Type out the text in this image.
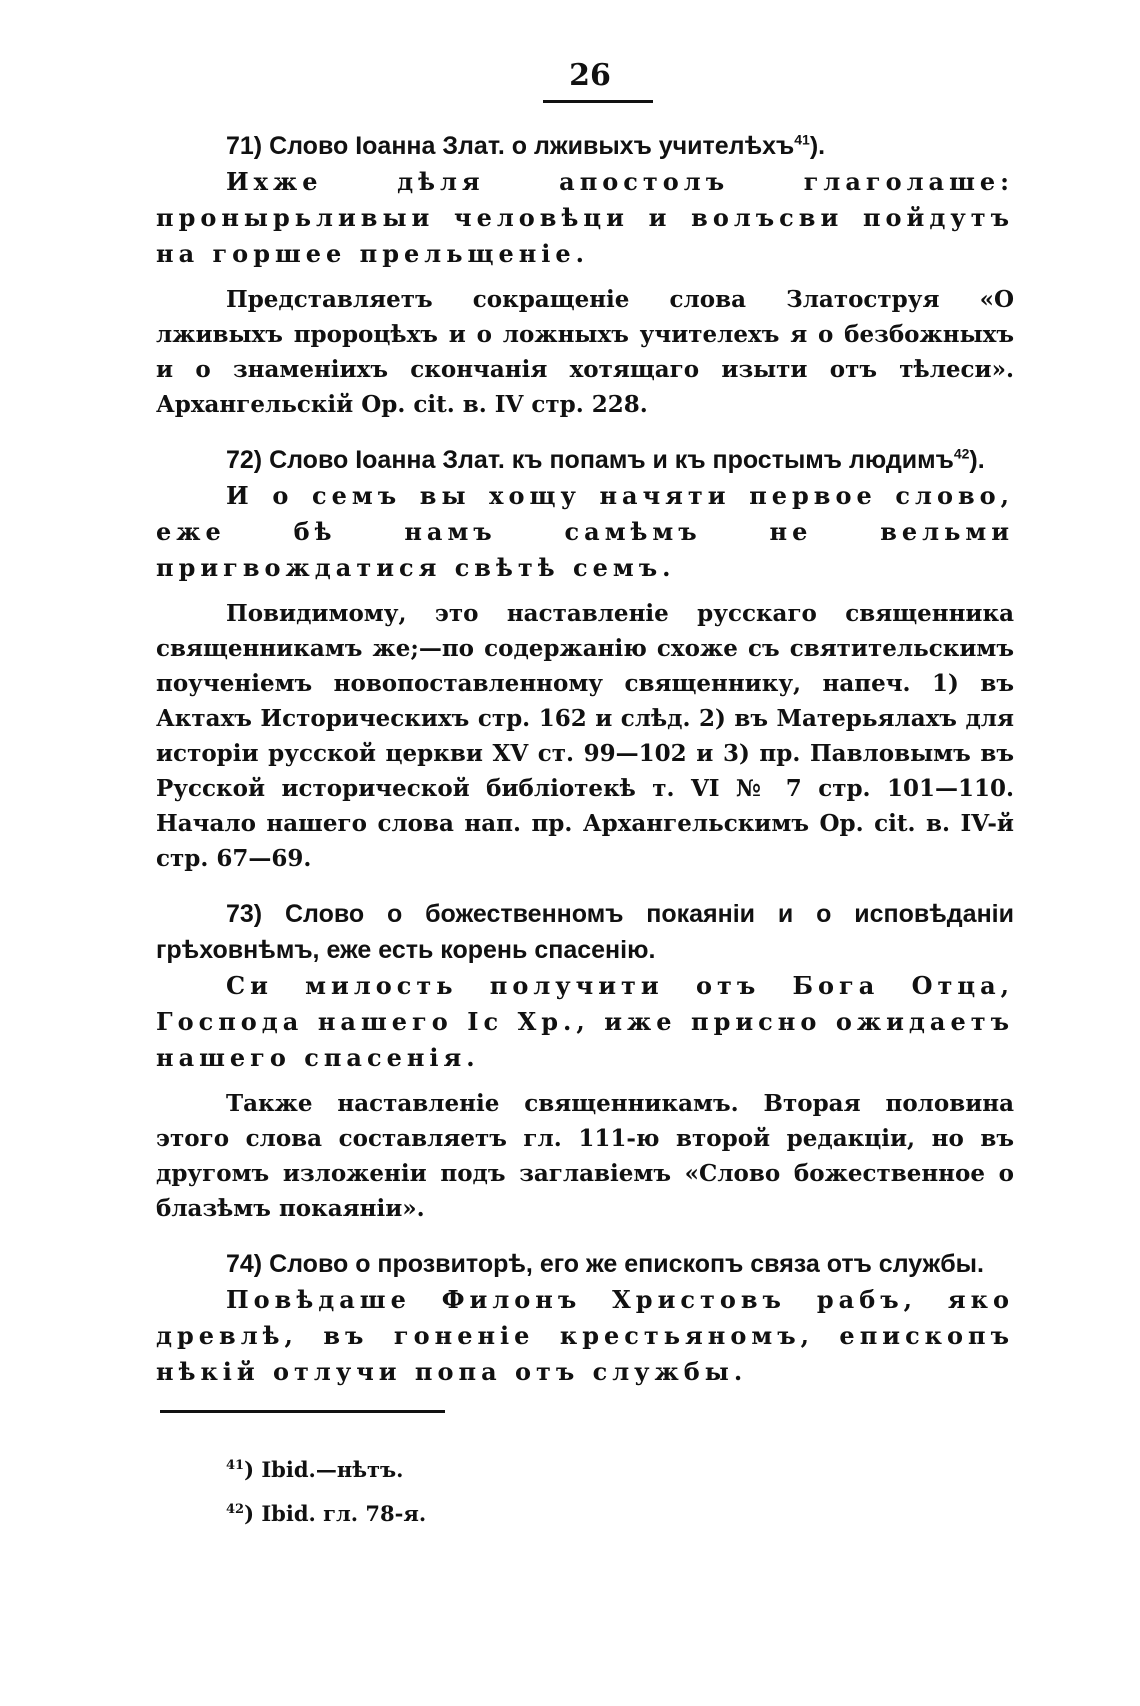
26

71) Слово Іоанна Злат. о лживыхъ учителѣхъ$^{41}$).

Ихже дѣля апостолъ глаголаше: пронырьливыи человѣци и волъсви пойдутъ на горшее прельщеніе.

Представляетъ сокращеніе слова Златоструя «О лживыхъ пророцѣхъ и о ложныхъ учителехъ я о безбожныхъ и о знаменіихъ скончанія хотящаго изыти отъ тѣлеси». Архангельскій Op. cit. в. IV стр. 228.

72) Слово Іоанна Злат. къ попамъ и къ простымъ людимъ$^{42}$).

И о семъ вы хощу начяти первое слово, еже бѣ намъ самѣмъ не вельми пригвождатися свѣтѣ семъ.

Повидимому, это наставленіе русскаго священника священникамъ же;—по содержанію схоже съ святительскимъ поученіемъ новопоставленному священнику, напеч. 1) въ Актахъ Историческихъ стр. 162 и слѣд. 2) въ Матерьялахъ для исторіи русской церкви XV ст. 99—102 и 3) пр. Павловымъ въ Русской исторической библіотекѣ т. VI № 7 стр. 101—110. Начало нашего слова нап. пр. Архангельскимъ Op. cit. в. IV-й стр. 67—69.

73) Слово о божественномъ покаяніи и о исповѣданіи грѣховнѣмъ, еже есть корень спасенію.

Си милость получити отъ Бога Отца, Господа нашего Іс Хр., иже присно ожидаетъ нашего спасенія.

Также наставленіе священникамъ. Вторая половина этого слова составляетъ гл. 111-ю второй редакціи, но въ другомъ изложеніи подъ заглавіемъ «Слово божественное о блазѣмъ покаяніи».

74) Слово о прозвиторѣ, его же епископъ связа отъ службы.

Повѣдаше Филонъ Христовъ рабъ, яко древлѣ, въ гоненіе крестьяномъ, епископъ нѣкій отлучи попа отъ службы.

$^{41}$) Ibid.—нѣтъ.
$^{42}$) Ibid. гл. 78-я.
